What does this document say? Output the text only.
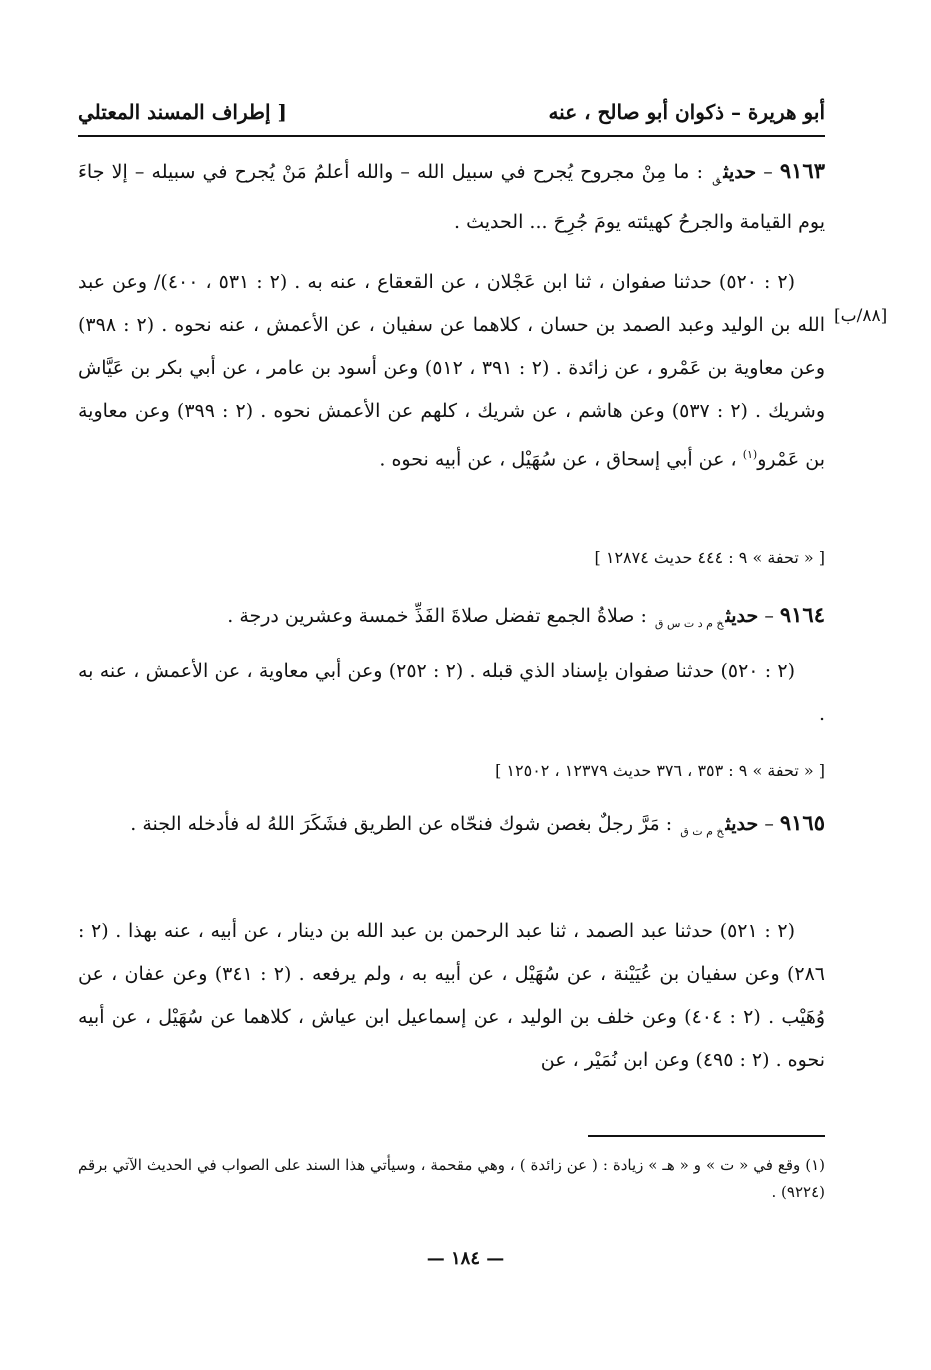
أبو هريرة – ذكوان أبو صالح ، عنه
[ إطراف المسند المعتلي
٩١٦٣ – حديث$_ق$ : ما مِنْ مجروح يُجرح في سبيل الله – والله أعلمُ مَنْ يُجرح في سبيله – إلا جاءَ يوم القيامة والجرحُ كهيئته يومَ جُرِحَ ... الحديث .
(٢ : ٥٢٠) حدثنا صفوان ، ثنا ابن عَجْلان ، عن القعقاع ، عنه به . (٢ : ٥٣١ ، ٤٠٠)/ وعن عبد الله بن الوليد وعبد الصمد بن حسان ، كلاهما عن سفيان ، عن الأعمش ، عنه نحوه . (٢ : ٣٩٨) وعن معاوية بن عَمْرو ، عن زائدة . (٢ : ٣٩١ ، ٥١٢) وعن أسود بن عامر ، عن أبي بكر بن عَيَّاش وشريك . (٢ : ٥٣٧) وعن هاشم ، عن شريك ، كلهم عن الأعمش نحوه . (٢ : ٣٩٩) وعن معاوية بن عَمْرو$^{(١)}$ ، عن أبي إسحاق ، عن سُهَيْل ، عن أبيه نحوه .
[٨٨/ب]
[ « تحفة » ٩ : ٤٤٤ حديث ١٢٨٧٤ ]
٩١٦٤ – حديث$_{خ م د ت س ق}$ : صلاةُ الجمع تفضل صلاةَ الفَذِّ خمسة وعشرين درجة .
(٢ : ٥٢٠) حدثنا صفوان بإسناد الذي قبله . (٢ : ٢٥٢) وعن أبي معاوية ، عن الأعمش ، عنه به .
[ « تحفة » ٩ : ٣٥٣ ، ٣٧٦ حديث ١٢٣٧٩ ، ١٢٥٠٢ ]
٩١٦٥ – حديث$_{خ م ت ق}$ : مَرَّ رجلٌ بغصن شوك فنحّاه عن الطريق فشَكَرَ اللهُ له فأدخله الجنة .
(٢ : ٥٢١) حدثنا عبد الصمد ، ثنا عبد الرحمن بن عبد الله بن دينار ، عن أبيه ، عنه بهذا . (٢ : ٢٨٦) وعن سفيان بن عُيَيْنة ، عن سُهَيْل ، عن أبيه به ، ولم يرفعه . (٢ : ٣٤١) وعن عفان ، عن وُهَيْب . (٢ : ٤٠٤) وعن خلف بن الوليد ، عن إسماعيل ابن عياش ، كلاهما عن سُهَيْل ، عن أبيه نحوه . (٢ : ٤٩٥) وعن ابن نُمَيْر ، عن
(١) وقع في « ت » و « هـ » زيادة : ( عن زائدة ) ، وهي مقحمة ، وسيأتي هذا السند على الصواب في الحديث الآتي برقم (٩٢٢٤) .
— ١٨٤ —
